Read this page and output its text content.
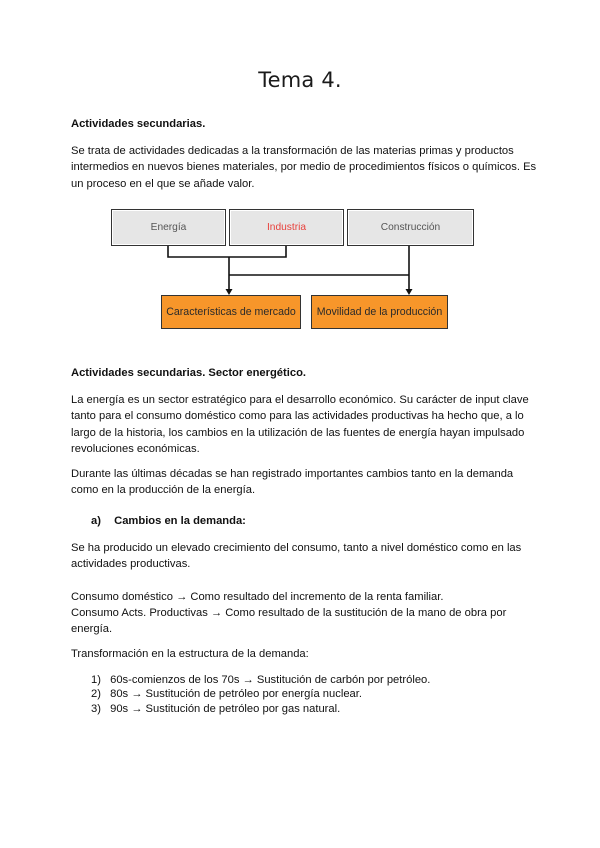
Tema 4.
Actividades secundarias.
Se trata de actividades dedicadas a la transformación de las materias primas y productos intermedios en nuevos bienes materiales, por medio de procedimientos físicos o químicos. Es un proceso en el que se añade valor.
Energía	Industria	Construcción
Características de mercado Movilidad de la producción
Actividades secundarias. Sector energético.
La energía es un sector estratégico para el desarrollo económico. Su carácter de input clave tanto para el consumo doméstico como para las actividades productivas ha hecho que, a lo largo de la historia, los cambios en la utilización de las fuentes de energía hayan impulsado revoluciones económicas.
Durante las últimas décadas se han registrado importantes cambios tanto en la demanda como en la producción de la energía.
a) Cambios en la demanda:
Se ha producido un elevado crecimiento del consumo, tanto a nivel doméstico como en las actividades productivas.
Consumo doméstico → Como resultado del incremento de la renta familiar.
Consumo Acts. Productivas → Como resultado de la sustitución de la mano de obra por energía.
Transformación en la estructura de la demanda:
1) 60s-comienzos de los 70s → Sustitución de carbón por petróleo.
2) 80s → Sustitución de petróleo por energía nuclear.
3) 90s → Sustitución de petróleo por gas natural.
